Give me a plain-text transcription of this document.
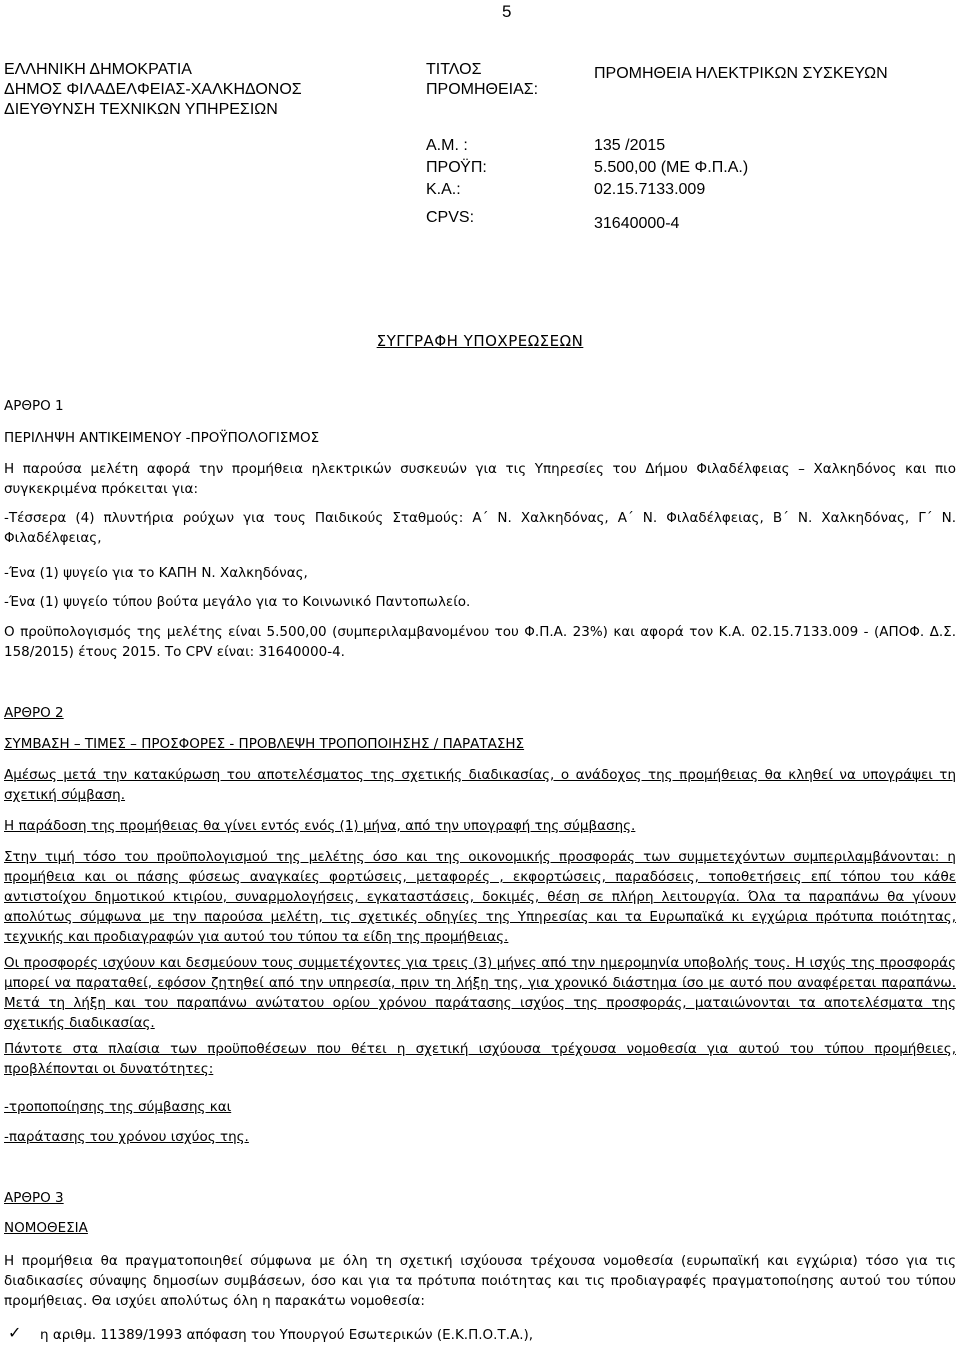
5
ΕΛΛΗΝΙΚΗ ΔΗΜΟΚΡΑΤΙΑ
ΔΗΜΟΣ ΦΙΛΑΔΕΛΦΕΙΑΣ-ΧΑΛΚΗΔΟΝΟΣ
ΔΙΕΥΘΥΝΣΗ ΤΕΧΝΙΚΩΝ ΥΠΗΡΕΣΙΩΝ
ΤΙΤΛΟΣ ΠΡΟΜΗΘΕΙΑΣ:
ΠΡΟΜΗΘΕΙΑ ΗΛΕΚΤΡΙΚΩΝ ΣΥΣΚΕΥΩΝ
Α.Μ. :	135 /2015
ΠΡΟΫΠ:	5.500,00 (ΜΕ Φ.Π.Α.)
Κ.Α.:	02.15.7133.009
CPVS:	31640000-4
ΣΥΓΓΡΑΦΗ ΥΠΟΧΡΕΩΣΕΩΝ
ΑΡΘΡΟ 1
ΠΕΡΙΛΗΨΗ ΑΝΤΙΚΕΙΜΕΝΟΥ -ΠΡΟΫΠΟΛΟΓΙΣΜΟΣ
Η παρούσα μελέτη αφορά την προμήθεια ηλεκτρικών συσκευών για τις Υπηρεσίες του Δήμου Φιλαδέλφειας – Χαλκηδόνος και πιο συγκεκριμένα πρόκειται για:
-Τέσσερα (4) πλυντήρια ρούχων για τους Παιδικούς Σταθμούς: Α΄ Ν. Χαλκηδόνας, Α΄ Ν. Φιλαδέλφειας, Β΄ Ν. Χαλκηδόνας, Γ΄ Ν. Φιλαδέλφειας,
-Ένα (1) ψυγείο για το ΚΑΠΗ Ν. Χαλκηδόνας,
-Ένα (1) ψυγείο τύπου βούτα μεγάλο για το Κοινωνικό Παντοπωλείο.
Ο προϋπολογισμός της μελέτης είναι 5.500,00 (συμπεριλαμβανομένου του Φ.Π.Α. 23%) και αφορά τον Κ.Α. 02.15.7133.009 - (ΑΠΟΦ. Δ.Σ. 158/2015) έτους 2015. Το CPV είναι: 31640000-4.
ΑΡΘΡΟ 2
ΣΥΜΒΑΣΗ – ΤΙΜΕΣ – ΠΡΟΣΦΟΡΕΣ - ΠΡΟΒΛΕΨΗ ΤΡΟΠΟΠΟΙΗΣΗΣ / ΠΑΡΑΤΑΣΗΣ
Αμέσως μετά την κατακύρωση του αποτελέσματος της σχετικής διαδικασίας, ο ανάδοχος της προμήθειας θα κληθεί να υπογράψει τη σχετική σύμβαση.
Η παράδοση της προμήθειας θα γίνει εντός ενός (1) μήνα, από την υπογραφή της σύμβασης.
Στην τιμή τόσο του προϋπολογισμού της μελέτης όσο και της οικονομικής προσφοράς των συμμετεχόντων συμπεριλαμβάνονται: η προμήθεια και οι πάσης φύσεως αναγκαίες φορτώσεις, μεταφορές , εκφορτώσεις, παραδόσεις, τοποθετήσεις επί τόπου του κάθε αντιστοίχου δημοτικού κτιρίου, συναρμολογήσεις, εγκαταστάσεις, δοκιμές, θέση σε πλήρη λειτουργία. Όλα τα παραπάνω θα γίνουν απολύτως σύμφωνα με την παρούσα μελέτη, τις σχετικές οδηγίες της Υπηρεσίας και τα Ευρωπαϊκά κι εγχώρια πρότυπα ποιότητας, τεχνικής και προδιαγραφών για αυτού του τύπου τα είδη της προμήθειας.
Οι προσφορές ισχύουν και δεσμεύουν τους συμμετέχοντες για τρεις (3) μήνες από την ημερομηνία υποβολής τους. Η ισχύς της προσφοράς μπορεί να παραταθεί, εφόσον ζητηθεί από την υπηρεσία, πριν τη λήξη της, για χρονικό διάστημα ίσο με αυτό που αναφέρεται παραπάνω. Μετά τη λήξη και του παραπάνω ανώτατου ορίου χρόνου παράτασης ισχύος της προσφοράς, ματαιώνονται τα αποτελέσματα της σχετικής διαδικασίας.
Πάντοτε στα πλαίσια των προϋποθέσεων που θέτει η σχετική ισχύουσα τρέχουσα νομοθεσία για αυτού του τύπου προμήθειες, προβλέπονται οι δυνατότητες:
-τροποποίησης της σύμβασης και
-παράτασης του χρόνου ισχύος της.
ΑΡΘΡΟ 3
ΝΟΜΟΘΕΣΙΑ
Η προμήθεια θα πραγματοποιηθεί σύμφωνα με όλη τη σχετική ισχύουσα τρέχουσα νομοθεσία (ευρωπαϊκή και εγχώρια) τόσο για τις διαδικασίες σύναψης δημοσίων συμβάσεων, όσο και για τα πρότυπα ποιότητας και τις προδιαγραφές πραγματοποίησης αυτού του τύπου προμήθειας. Θα ισχύει απολύτως όλη η παρακάτω νομοθεσία:
✓ η αριθμ. 11389/1993 απόφαση του Υπουργού Εσωτερικών (Ε.Κ.Π.Ο.Τ.Α.),
